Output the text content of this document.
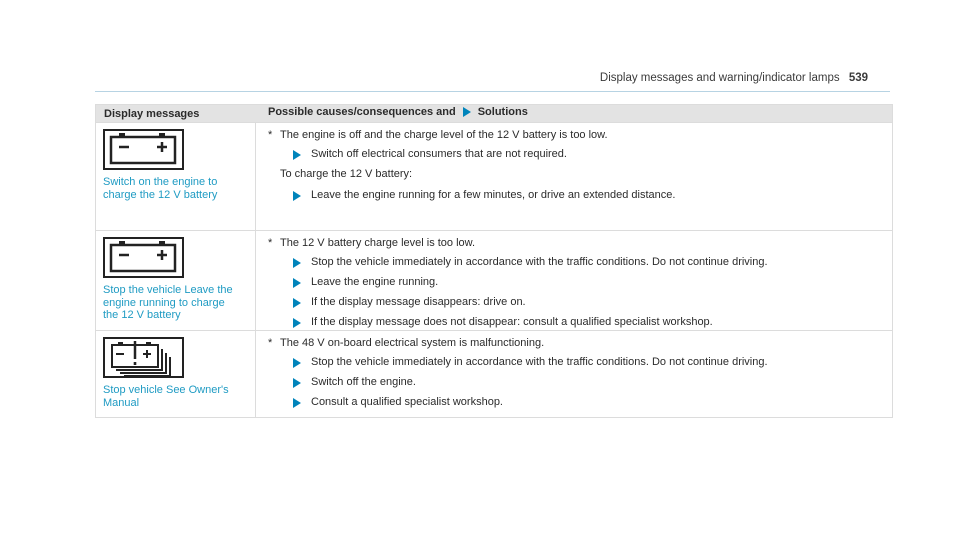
Display messages and warning/indicator lamps 539
Display messages	Possible causes/consequences and Solutions
Switch on the engine to
charge the 12 V battery
* The engine is off and the charge level of the 12 V battery is too low.
Switch off electrical consumers that are not required.
To charge the 12 V battery:
Leave the engine running for a few minutes, or drive an extended distance.
Stop the vehicle Leave the
engine running to charge
the 12 V battery
* The 12 V battery charge level is too low.
Stop the vehicle immediately in accordance with the traffic conditions. Do not continue driving.
Leave the engine running.
If the display message disappears: drive on.
If the display message does not disappear: consult a qualified specialist workshop.
Stop vehicle See Owner's
Manual
* The 48 V on-board electrical system is malfunctioning.
Stop the vehicle immediately in accordance with the traffic conditions. Do not continue driving.
Switch off the engine.
Consult a qualified specialist workshop.
